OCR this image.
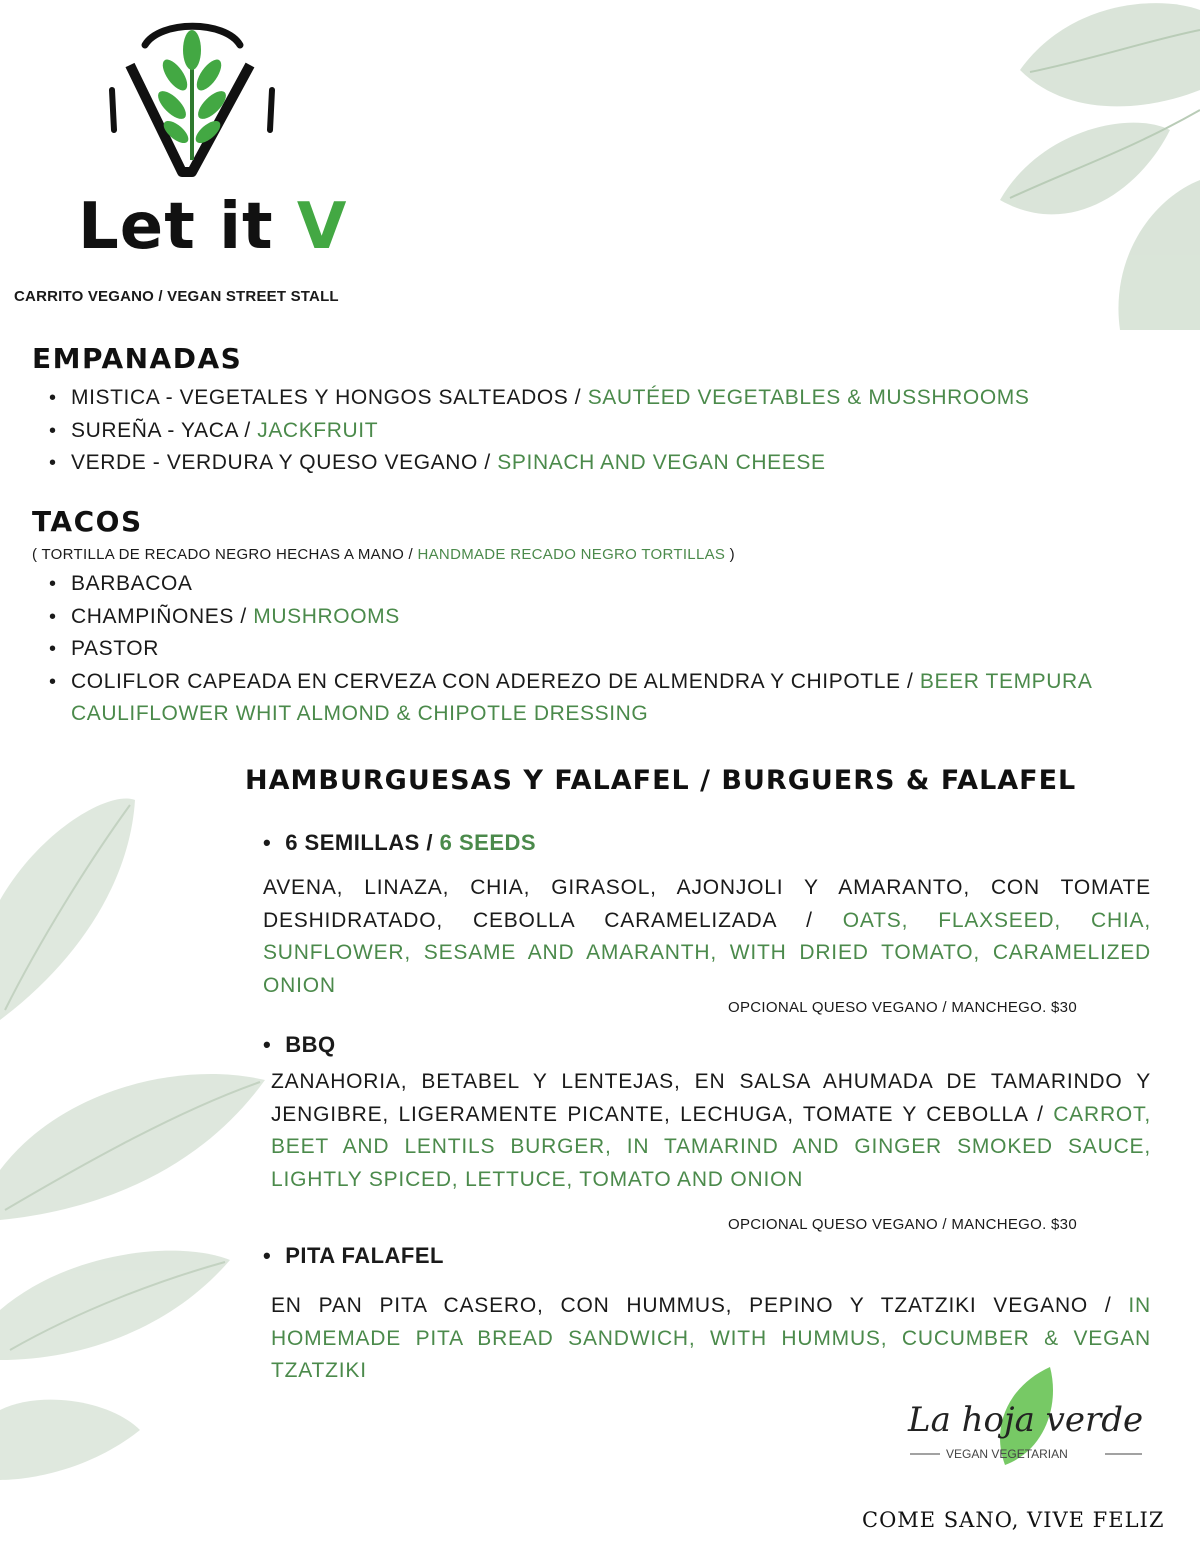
Let it V
CARRITO VEGANO / VEGAN STREET STALL
EMPANADAS
• MISTICA - VEGETALES Y HONGOS SALTEADOS / SAUTÉED VEGETABLES & MUSSHROOMS
• SUREÑA - YACA / JACKFRUIT
• VERDE - VERDURA Y QUESO VEGANO / SPINACH AND VEGAN CHEESE
TACOS
( TORTILLA DE RECADO NEGRO HECHAS A MANO / HANDMADE RECADO NEGRO TORTILLAS )
• BARBACOA
• CHAMPIÑONES / MUSHROOMS
• PASTOR
• COLIFLOR CAPEADA EN CERVEZA CON ADEREZO DE ALMENDRA Y CHIPOTLE / BEER TEMPURA CAULIFLOWER WHIT ALMOND & CHIPOTLE DRESSING
HAMBURGUESAS Y FALAFEL / BURGUERS & FALAFEL
• 6 SEMILLAS / 6 SEEDS
AVENA, LINAZA, CHIA, GIRASOL, AJONJOLI Y AMARANTO, CON TOMATE DESHIDRATADO, CEBOLLA CARAMELIZADA / OATS, FLAXSEED, CHIA, SUNFLOWER, SESAME AND AMARANTH, WITH DRIED TOMATO, CARAMELIZED ONION
OPCIONAL QUESO VEGANO / MANCHEGO. $30
• BBQ
ZANAHORIA, BETABEL Y LENTEJAS, EN SALSA AHUMADA DE TAMARINDO Y JENGIBRE, LIGERAMENTE PICANTE, LECHUGA, TOMATE Y CEBOLLA / CARROT, BEET AND LENTILS BURGER, IN TAMARIND AND GINGER SMOKED SAUCE, LIGHTLY SPICED, LETTUCE, TOMATO AND ONION
OPCIONAL QUESO VEGANO / MANCHEGO. $30
• PITA FALAFEL
EN PAN PITA CASERO, CON HUMMUS, PEPINO Y TZATZIKI VEGANO / IN HOMEMADE PITA BREAD SANDWICH, WITH HUMMUS, CUCUMBER & VEGAN TZATZIKI
La hoja verde
VEGAN VEGETARIAN
COME SANO, VIVE FELIZ
